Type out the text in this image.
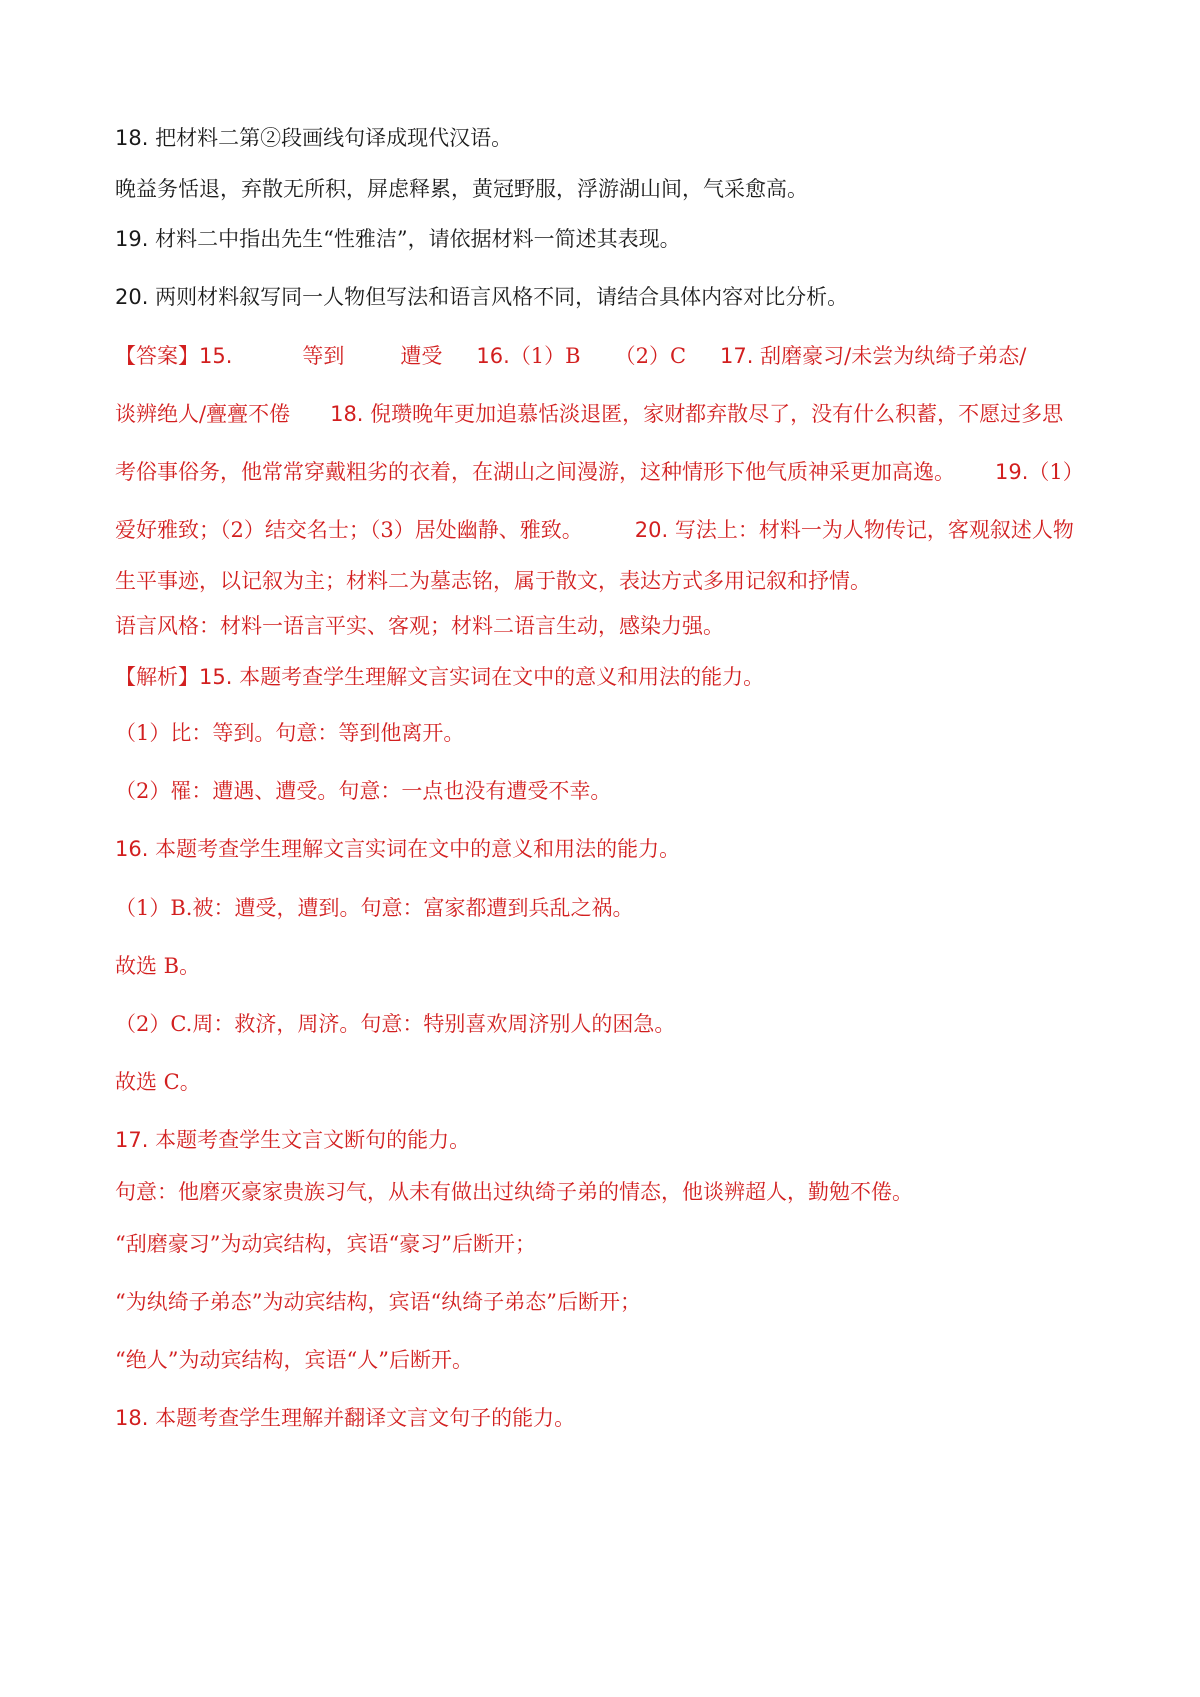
18. 把材料二第②段画线句译成现代汉语。
晚益务恬退，弃散无所积，屏虑释累，黄冠野服，浮游湖山间，气采愈高。
19. 材料二中指出先生“性雅洁”，请依据材料一简述其表现。
20. 两则材料叙写同一人物但写法和语言风格不同，请结合具体内容对比分析。
【答案】15.	等到	遭受 16.（1）B （2）C 17. 刮磨豪习/未尝为纨绮子弟态/
谈辨绝人/亹亹不倦 18. 倪瓒晚年更加追慕恬淡退匿，家财都弃散尽了，没有什么积蓄，不愿过多思
考俗事俗务，他常常穿戴粗劣的衣着，在湖山之间漫游，这种情形下他气质神采更加高逸。 19.（1）
爱好雅致；（2）结交名士；（3）居处幽静、雅致。 20. 写法上：材料一为人物传记，客观叙述人物
生平事迹，以记叙为主；材料二为墓志铭，属于散文，表达方式多用记叙和抒情。
语言风格：材料一语言平实、客观；材料二语言生动，感染力强。
【解析】15. 本题考查学生理解文言实词在文中的意义和用法的能力。
（1）比：等到。句意：等到他离开。
（2）罹：遭遇、遭受。句意：一点也没有遭受不幸。
16. 本题考查学生理解文言实词在文中的意义和用法的能力。
（1）B.被：遭受，遭到。句意：富家都遭到兵乱之祸。
故选 B。
（2）C.周：救济，周济。句意：特别喜欢周济别人的困急。
故选 C。
17. 本题考查学生文言文断句的能力。
句意：他磨灭豪家贵族习气，从未有做出过纨绮子弟的情态，他谈辨超人，勤勉不倦。
“刮磨豪习”为动宾结构，宾语“豪习”后断开；
“为纨绮子弟态”为动宾结构，宾语“纨绮子弟态”后断开；
“绝人”为动宾结构，宾语“人”后断开。
18. 本题考查学生理解并翻译文言文句子的能力。
